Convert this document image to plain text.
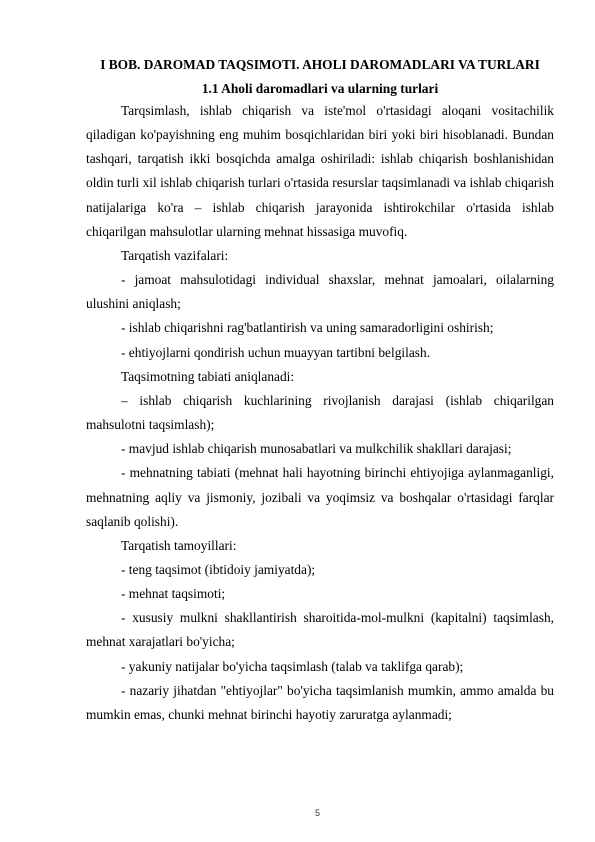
I BOB. DAROMAD TAQSIMOTI. AHOLI DAROMADLARI VA TURLARI
1.1 Aholi daromadlari va ularning turlari

Tarqsimlash, ishlab chiqarish va iste'mol o'rtasidagi aloqani vositachilik qiladigan ko'payishning eng muhim bosqichlaridan biri yoki biri hisoblanadi. Bundan tashqari, tarqatish ikki bosqichda amalga oshiriladi: ishlab chiqarish boshlanishidan oldin turli xil ishlab chiqarish turlari o'rtasida resurslar taqsimlanadi va ishlab chiqarish natijalariga ko'ra – ishlab chiqarish jarayonida ishtirokchilar o'rtasida ishlab chiqarilgan mahsulotlar ularning mehnat hissasiga muvofiq.

Tarqatish vazifalari:

- jamoat mahsulotidagi individual shaxslar, mehnat jamoalari, oilalarning ulushini aniqlash;

- ishlab chiqarishni rag'batlantirish va uning samaradorligini oshirish;

- ehtiyojlarni qondirish uchun muayyan tartibni belgilash.

Taqsimotning tabiati aniqlanadi:

– ishlab chiqarish kuchlarining rivojlanish darajasi (ishlab chiqarilgan mahsulotni taqsimlash);

- mavjud ishlab chiqarish munosabatlari va mulkchilik shakllari darajasi;

- mehnatning tabiati (mehnat hali hayotning birinchi ehtiyojiga aylanmaganligi, mehnatning aqliy va jismoniy, jozibali va yoqimsiz va boshqalar o'rtasidagi farqlar saqlanib qolishi).

Tarqatish tamoyillari:

- teng taqsimot (ibtidoiy jamiyatda);

- mehnat taqsimoti;

- xususiy mulkni shakllantirish sharoitida-mol-mulkni (kapitalni) taqsimlash, mehnat xarajatlari bo'yicha;

- yakuniy natijalar bo'yicha taqsimlash (talab va taklifga qarab);

- nazariy jihatdan "ehtiyojlar" bo'yicha taqsimlanish mumkin, ammo amalda bu mumkin emas, chunki mehnat birinchi hayotiy zaruratga aylanmadi;

5
